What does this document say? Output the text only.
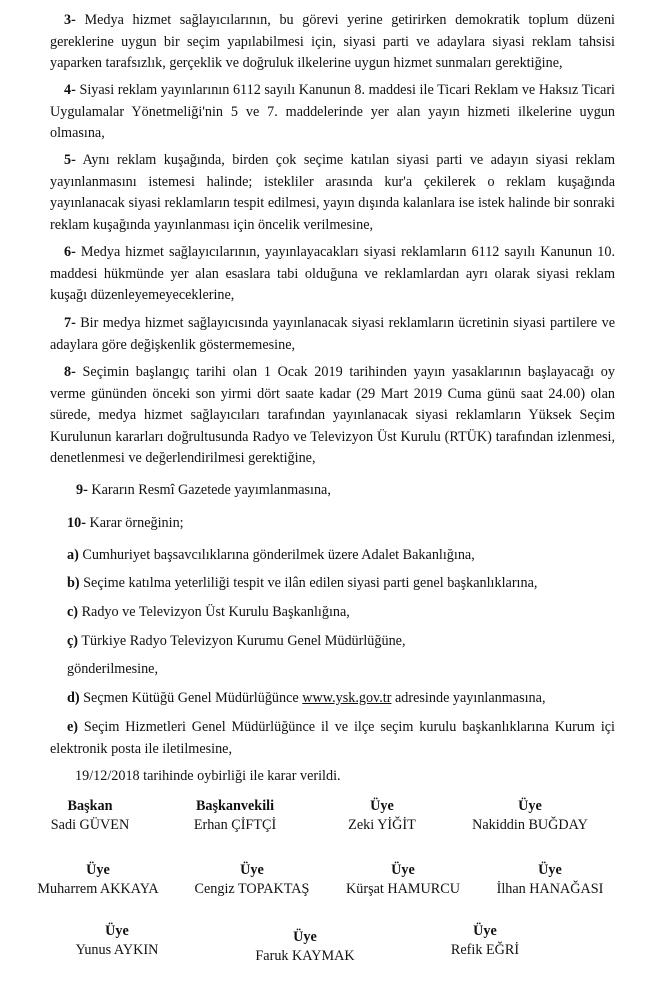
3- Medya hizmet sağlayıcılarının, bu görevi yerine getirirken demokratik toplum düzeni gereklerine uygun bir seçim yapılabilmesi için, siyasi parti ve adaylara siyasi reklam tahsisi yaparken tarafsızlık, gerçeklik ve doğruluk ilkelerine uygun hizmet sunmaları gerektiğine,

4- Siyasi reklam yayınlarının 6112 sayılı Kanunun 8. maddesi ile Ticari Reklam ve Haksız Ticari Uygulamalar Yönetmeliği'nin 5 ve 7. maddelerinde yer alan yayın hizmeti ilkelerine uygun olmasına,

5- Aynı reklam kuşağında, birden çok seçime katılan siyasi parti ve adayın siyasi reklam yayınlanmasını istemesi halinde; istekliler arasında kur'a çekilerek o reklam kuşağında yayınlanacak siyasi reklamların tespit edilmesi, yayın dışında kalanlara ise istek halinde bir sonraki reklam kuşağında yayınlanması için öncelik verilmesine,

6- Medya hizmet sağlayıcılarının, yayınlayacakları siyasi reklamların 6112 sayılı Kanunun 10. maddesi hükmünde yer alan esaslara tabi olduğuna ve reklamlardan ayrı olarak siyasi reklam kuşağı düzenleyemeyeceklerine,

7- Bir medya hizmet sağlayıcısında yayınlanacak siyasi reklamların ücretinin siyasi partilere ve adaylara göre değişkenlik göstermemesine,

8- Seçimin başlangıç tarihi olan 1 Ocak 2019 tarihinden yayın yasaklarının başlayacağı oy verme gününden önceki son yirmi dört saate kadar (29 Mart 2019 Cuma günü saat 24.00) olan sürede, medya hizmet sağlayıcıları tarafından yayınlanacak siyasi reklamların Yüksek Seçim Kurulunun kararları doğrultusunda Radyo ve Televizyon Üst Kurulu (RTÜK) tarafından izlenmesi, denetlenmesi ve değerlendirilmesi gerektiğine,

9- Kararın Resmî Gazetede yayımlanmasına,

10- Karar örneğinin;

a) Cumhuriyet başsavcılıklarına gönderilmek üzere Adalet Bakanlığına,

b) Seçime katılma yeterliliği tespit ve ilân edilen siyasi parti genel başkanlıklarına,

c) Radyo ve Televizyon Üst Kurulu Başkanlığına,

ç) Türkiye Radyo Televizyon Kurumu Genel Müdürlüğüne,

gönderilmesine,

d) Seçmen Kütüğü Genel Müdürlüğünce www.ysk.gov.tr adresinde yayınlanmasına,

e) Seçim Hizmetleri Genel Müdürlüğünce il ve ilçe seçim kurulu başkanlıklarına Kurum içi elektronik posta ile iletilmesine,

19/12/2018 tarihinde oybirliği ile karar verildi.

Başkan
Sadi GÜVEN
Başkanvekili
Erhan ÇİFTÇİ
Üye
Zeki YİĞİT
Üye
Nakiddin BUĞDAY
Üye
Muharrem AKKAYA
Üye
Cengiz TOPAKTAŞ
Üye
Kürşat HAMURCU
Üye
İlhan HANAĞASI
Üye
Yunus AYKIN
Üye
Faruk KAYMAK
Üye
Refik EĞRİ
